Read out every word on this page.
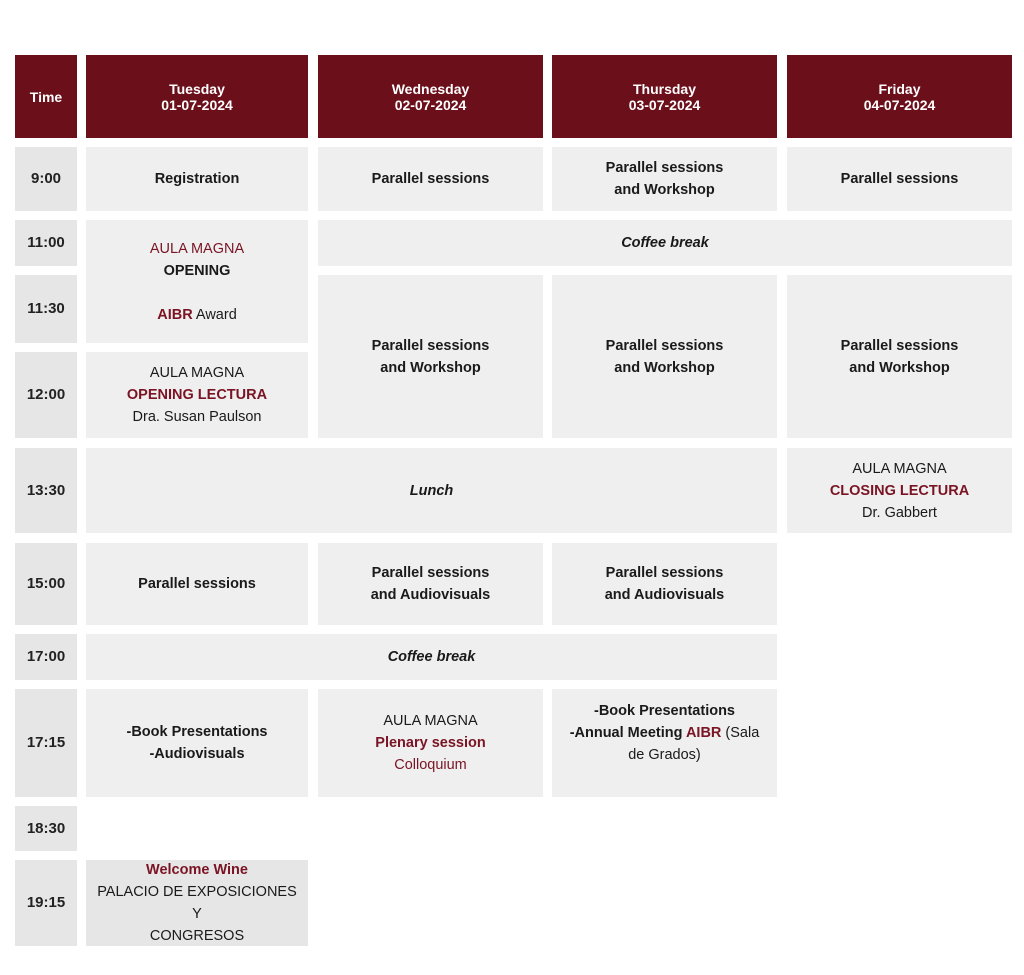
Time	Tuesday
01-07-2024
Wednesday
02-07-2024
Thursday
03-07-2024
Friday
04-07-2024
9:00
11:00
11:30
12:00
13:30
15:00
17:00
17:15
18:30
19:15
Registration	Parallel sessions
Parallel sessions
and Workshop
Parallel sessions
Coffee break
AULA MAGNA
OPENING
AIBR Award
Parallel sessions
and Workshop
Parallel sessions
and Workshop
Parallel sessions
and Workshop
AULA MAGNA
OPENING LECTURA
Dra. Susan Paulson
Lunch
AULA MAGNA
CLOSING LECTURA
Dr. Gabbert
Parallel sessions
Parallel sessions
and Audiovisuals
Parallel sessions
and Audiovisuals
Coffee break
-Book Presentations
-Audiovisuals
AULA MAGNA
Plenary session
Colloquium
-Book Presentations
-Annual Meeting AIBR (Sala
de Grados)
Welcome Wine
PALACIO DE EXPOSICIONES Y
CONGRESOS
